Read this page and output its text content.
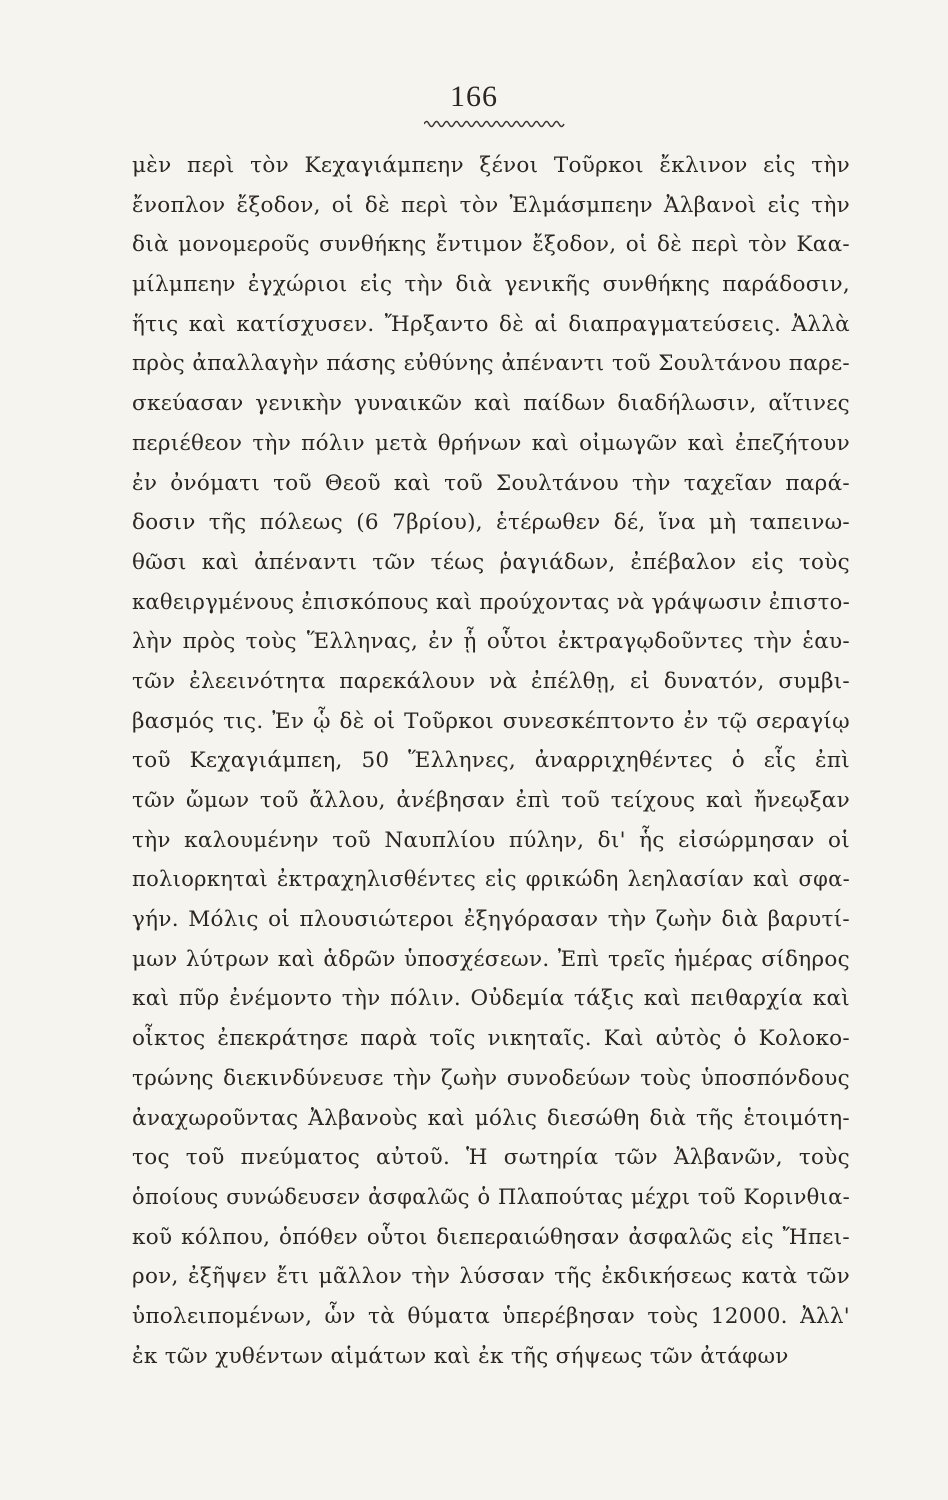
166
μὲν περὶ τὸν Κεχαγιάμπεην ξένοι Τοῦρκοι ἔκλινον εἰς τὴν
ἔνοπλον ἔξοδον, οἱ δὲ περὶ τὸν Ἐλμάσμπεην Ἀλβανοὶ εἰς τὴν
διὰ μονομεροῦς συνθήκης ἔντιμον ἔξοδον, οἱ δὲ περὶ τὸν Καα-
μίλμπεην ἐγχώριοι εἰς τὴν διὰ γενικῆς συνθήκης παράδοσιν,
ἥτις καὶ κατίσχυσεν. Ἤρξαντο δὲ αἱ διαπραγματεύσεις. Ἀλλὰ
πρὸς ἀπαλλαγὴν πάσης εὐθύνης ἀπέναντι τοῦ Σουλτάνου παρε-
σκεύασαν γενικὴν γυναικῶν καὶ παίδων διαδήλωσιν, αἵτινες
περιέθεον τὴν πόλιν μετὰ θρήνων καὶ οἰμωγῶν καὶ ἐπεζήτουν
ἐν ὀνόματι τοῦ Θεοῦ καὶ τοῦ Σουλτάνου τὴν ταχεῖαν παρά-
δοσιν τῆς πόλεως (6 7βρίου), ἑτέρωθεν δέ, ἵνα μὴ ταπεινω-
θῶσι καὶ ἀπέναντι τῶν τέως ῥαγιάδων, ἐπέβαλον εἰς τοὺς
καθειργμένους ἐπισκόπους καὶ προύχοντας νὰ γράψωσιν ἐπιστο-
λὴν πρὸς τοὺς Ἕλληνας, ἐν ᾗ οὗτοι ἐκτραγῳδοῦντες τὴν ἑαυ-
τῶν ἐλεεινότητα παρεκάλουν νὰ ἐπέλθῃ, εἰ δυνατόν, συμβι-
βασμός τις. Ἐν ᾧ δὲ οἱ Τοῦρκοι συνεσκέπτοντο ἐν τῷ σεραγίῳ
τοῦ Κεχαγιάμπεη, 50 Ἕλληνες, ἀναρριχηθέντες ὁ εἷς ἐπὶ
τῶν ὤμων τοῦ ἄλλου, ἀνέβησαν ἐπὶ τοῦ τείχους καὶ ἤνεῳξαν
τὴν καλουμένην τοῦ Ναυπλίου πύλην, δι' ἧς εἰσώρμησαν οἱ
πολιορκηταὶ ἐκτραχηλισθέντες εἰς φρικώδη λεηλασίαν καὶ σφα-
γήν. Μόλις οἱ πλουσιώτεροι ἐξηγόρασαν τὴν ζωὴν διὰ βαρυτί-
μων λύτρων καὶ ἁδρῶν ὑποσχέσεων. Ἐπὶ τρεῖς ἡμέρας σίδηρος
καὶ πῦρ ἐνέμοντο τὴν πόλιν. Οὐδεμία τάξις καὶ πειθαρχία καὶ
οἶκτος ἐπεκράτησε παρὰ τοῖς νικηταῖς. Καὶ αὐτὸς ὁ Κολοκο-
τρώνης διεκινδύνευσε τὴν ζωὴν συνοδεύων τοὺς ὑποσπόνδους
ἀναχωροῦντας Ἀλβανοὺς καὶ μόλις διεσώθη διὰ τῆς ἑτοιμότη-
τος τοῦ πνεύματος αὐτοῦ. Ἡ σωτηρία τῶν Ἀλβανῶν, τοὺς
ὁποίους συνώδευσεν ἀσφαλῶς ὁ Πλαπούτας μέχρι τοῦ Κορινθια-
κοῦ κόλπου, ὁπόθεν οὗτοι διεπεραιώθησαν ἀσφαλῶς εἰς Ἤπει-
ρον, ἐξῆψεν ἔτι μᾶλλον τὴν λύσσαν τῆς ἐκδικήσεως κατὰ τῶν
ὑπολειπομένων, ὧν τὰ θύματα ὑπερέβησαν τοὺς 12000. Ἀλλ'
ἐκ τῶν χυθέντων αἱμάτων καὶ ἐκ τῆς σήψεως τῶν ἀτάφων
